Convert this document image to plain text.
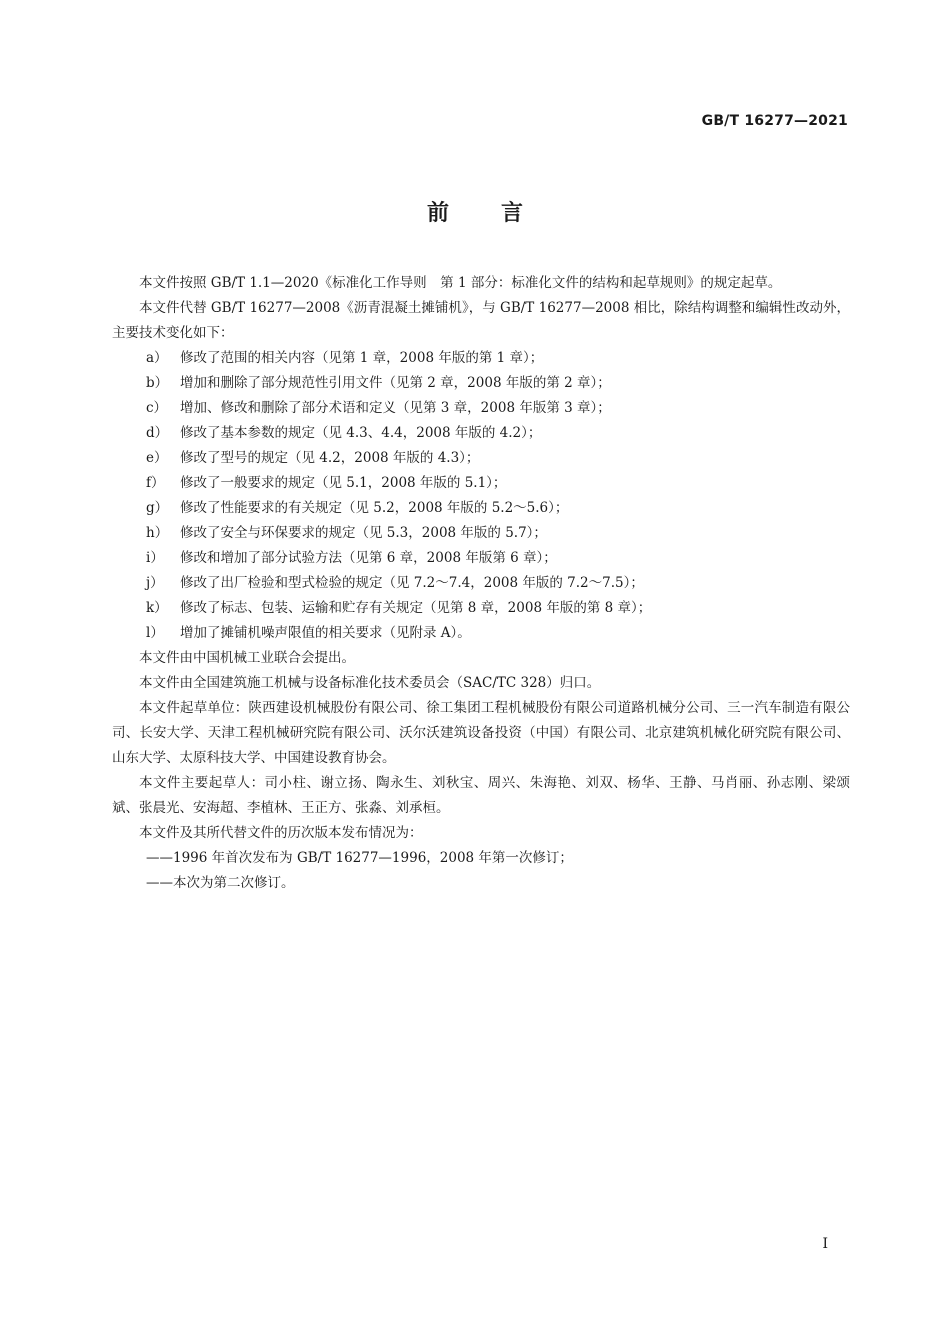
GB/T 16277—2021
前 言

本文件按照 GB/T 1.1—2020《标准化工作导则　第 1 部分：标准化文件的结构和起草规则》的规定起草。

本文件代替 GB/T 16277—2008《沥青混凝土摊铺机》，与 GB/T 16277—2008 相比，除结构调整和编辑性改动外，主要技术变化如下：

a） 修改了范围的相关内容（见第 1 章，2008 年版的第 1 章）；

b） 增加和删除了部分规范性引用文件（见第 2 章，2008 年版的第 2 章）；

c） 增加、修改和删除了部分术语和定义（见第 3 章，2008 年版第 3 章）；

d） 修改了基本参数的规定（见 4.3、4.4，2008 年版的 4.2）；

e） 修改了型号的规定（见 4.2，2008 年版的 4.3）；

f）	修改了一般要求的规定（见 5.1，2008 年版的 5.1）；

g） 修改了性能要求的有关规定（见 5.2，2008 年版的 5.2～5.6）；

h） 修改了安全与环保要求的规定（见 5.3，2008 年版的 5.7）；

i）	修改和增加了部分试验方法（见第 6 章，2008 年版第 6 章）；

j）	修改了出厂检验和型式检验的规定（见 7.2～7.4，2008 年版的 7.2～7.5）；

k） 修改了标志、包装、运输和贮存有关规定（见第 8 章，2008 年版的第 8 章）；

l）	增加了摊铺机噪声限值的相关要求（见附录 A）。

本文件由中国机械工业联合会提出。

本文件由全国建筑施工机械与设备标准化技术委员会（SAC/TC 328）归口。

本文件起草单位：陕西建设机械股份有限公司、徐工集团工程机械股份有限公司道路机械分公司、三一汽车制造有限公司、长安大学、天津工程机械研究院有限公司、沃尔沃建筑设备投资（中国）有限公司、北京建筑机械化研究院有限公司、山东大学、太原科技大学、中国建设教育协会。

本文件主要起草人：司小柱、谢立扬、陶永生、刘秋宝、周兴、朱海艳、刘双、杨华、王静、马肖丽、孙志刚、梁颂斌、张晨光、安海超、李植林、王正方、张淼、刘承桓。

本文件及其所代替文件的历次版本发布情况为：

——1996 年首次发布为 GB/T 16277—1996，2008 年第一次修订；

——本次为第二次修订。

I
